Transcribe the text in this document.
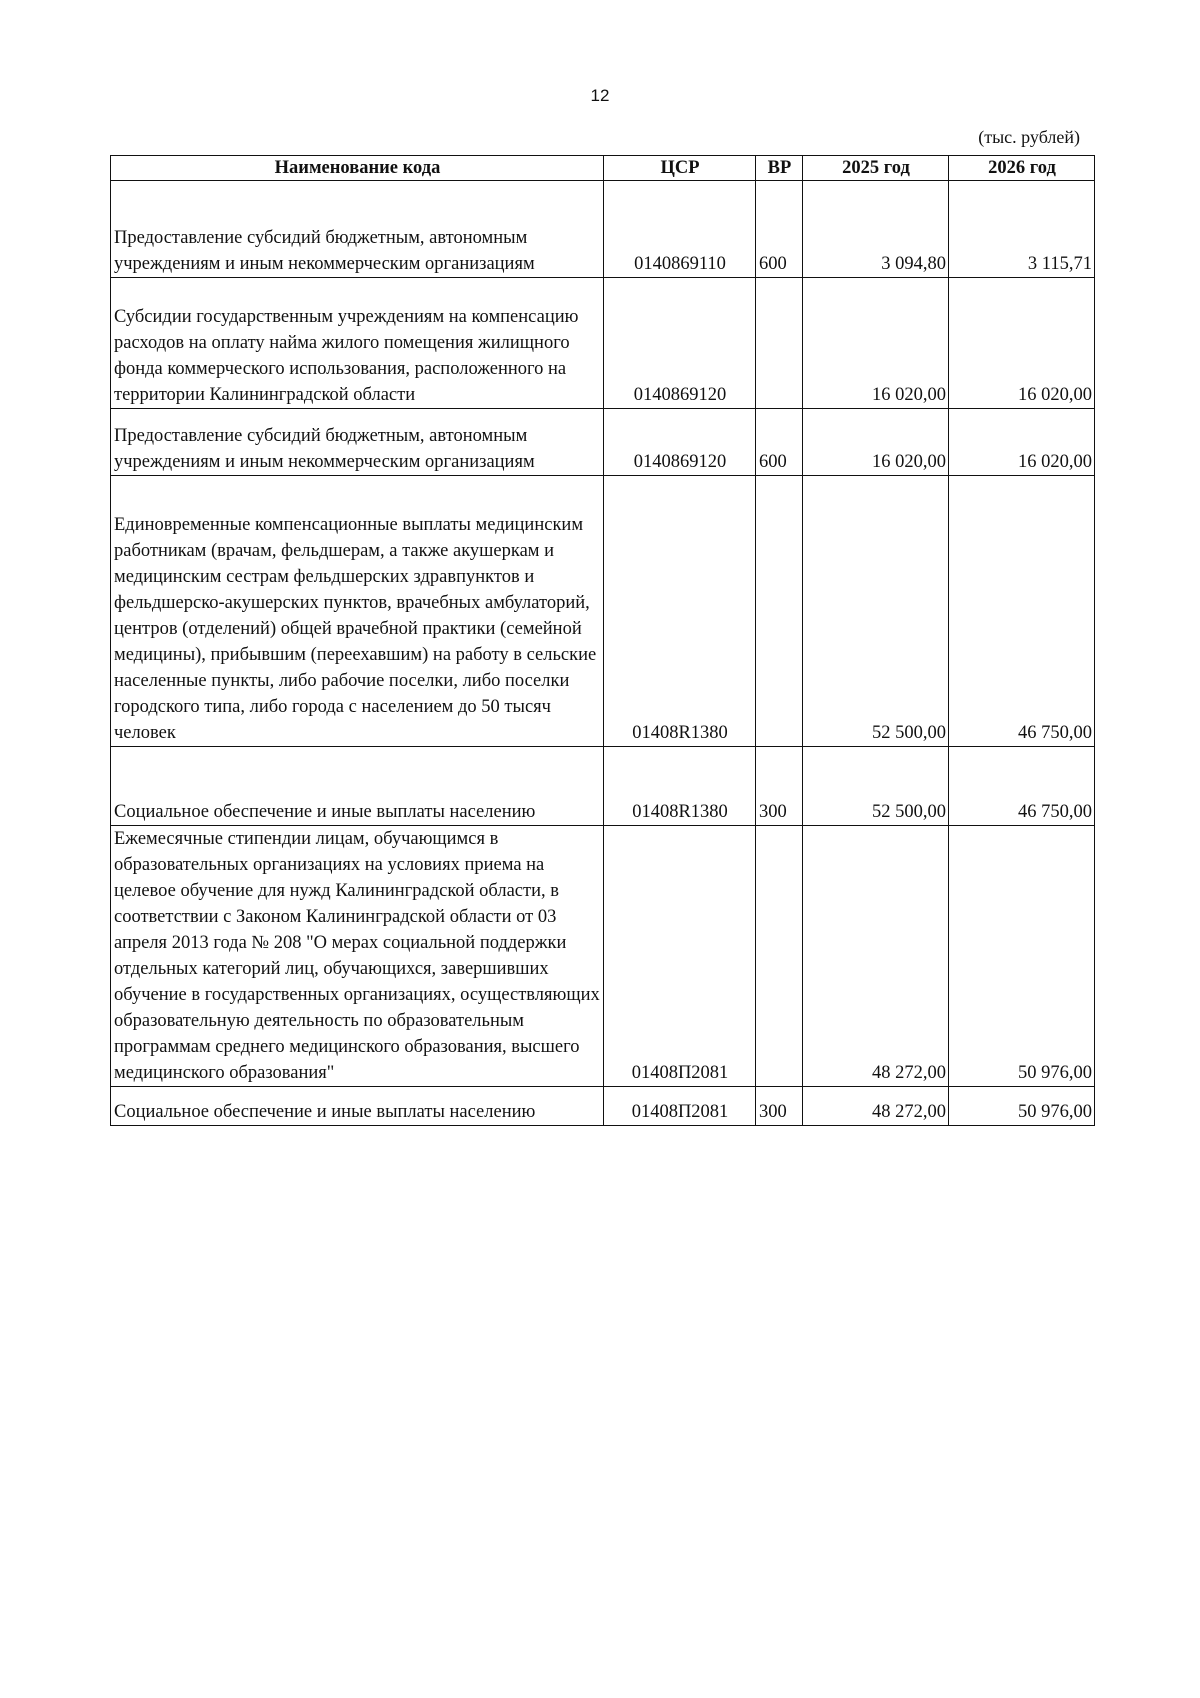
12
(тыс. рублей)
Наименование кода	ЦСР	ВР	2025 год	2026 год

Предоставление субсидий бюджетным, автономным учреждениям и иным некоммерческим организациям	0140869110	600	3 094,80	3 115,71

Субсидии государственным учреждениям на компенсацию расходов на оплату найма жилого помещения жилищного фонда коммерческого использования, расположенного на территории Калининградской области	0140869120		16 020,00	16 020,00

Предоставление субсидий бюджетным, автономным учреждениям и иным некоммерческим организациям	0140869120	600	16 020,00	16 020,00

Единовременные компенсационные выплаты медицинским работникам (врачам, фельдшерам, а также акушеркам и медицинским сестрам фельдшерских здравпунктов и фельдшерско-акушерских пунктов, врачебных амбулаторий, центров (отделений) общей врачебной практики (семейной медицины), прибывшим (переехавшим) на работу в сельские населенные пункты, либо рабочие поселки, либо поселки городского типа, либо города с населением до 50 тысяч человек	01408R1380		52 500,00	46 750,00

Социальное обеспечение и иные выплаты населению	01408R1380	300	52 500,00	46 750,00

Ежемесячные стипендии лицам, обучающимся в образовательных организациях на условиях приема на целевое обучение для нужд Калининградской области, в соответствии с Законом Калининградской области от 03 апреля 2013 года № 208 "О мерах социальной поддержки отдельных категорий лиц, обучающихся, завершивших обучение в государственных организациях, осуществляющих образовательную деятельность по образовательным программам среднего медицинского образования, высшего медицинского образования"	01408П2081		48 272,00	50 976,00

Социальное обеспечение и иные выплаты населению	01408П2081	300	48 272,00	50 976,00
